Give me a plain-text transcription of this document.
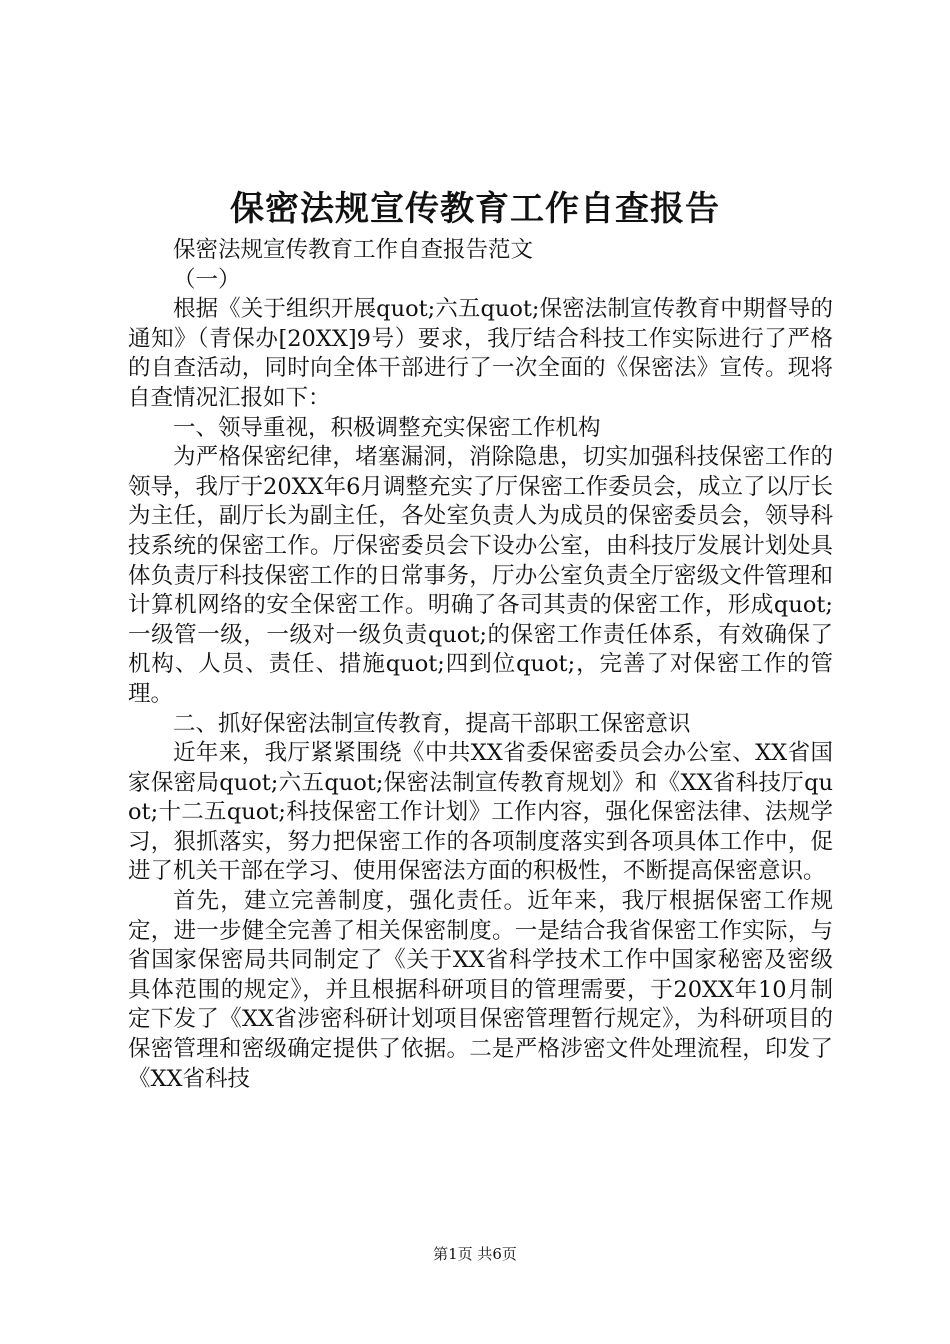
保密法规宣传教育工作自查报告

保密法规宣传教育工作自查报告范文

（一）

根据《关于组织开展quot;六五quot;保密法制宣传教育中期督导的通知》（青保办[20XX]9号）要求，我厅结合科技工作实际进行了严格的自查活动，同时向全体干部进行了一次全面的《保密法》宣传。现将自查情况汇报如下：

一、领导重视，积极调整充实保密工作机构

为严格保密纪律，堵塞漏洞，消除隐患，切实加强科技保密工作的领导，我厅于20XX年6月调整充实了厅保密工作委员会，成立了以厅长为主任，副厅长为副主任，各处室负责人为成员的保密委员会，领导科技系统的保密工作。厅保密委员会下设办公室，由科技厅发展计划处具体负责厅科技保密工作的日常事务，厅办公室负责全厅密级文件管理和计算机网络的安全保密工作。明确了各司其责的保密工作，形成quot;一级管一级，一级对一级负责quot;的保密工作责任体系，有效确保了机构、人员、责任、措施quot;四到位quot;，完善了对保密工作的管理。

二、抓好保密法制宣传教育，提高干部职工保密意识

近年来，我厅紧紧围绕《中共XX省委保密委员会办公室、XX省国家保密局quot;六五quot;保密法制宣传教育规划》和《XX省科技厅quot;十二五quot;科技保密工作计划》工作内容，强化保密法律、法规学习，狠抓落实，努力把保密工作的各项制度落实到各项具体工作中，促进了机关干部在学习、使用保密法方面的积极性，不断提高保密意识。

首先，建立完善制度，强化责任。近年来，我厅根据保密工作规定，进一步健全完善了相关保密制度。一是结合我省保密工作实际，与省国家保密局共同制定了《关于XX省科学技术工作中国家秘密及密级具体范围的规定》，并且根据科研项目的管理需要，于20XX年10月制定下发了《XX省涉密科研计划项目保密管理暂行规定》，为科研项目的保密管理和密级确定提供了依据。二是严格涉密文件处理流程，印发了《XX省科技

第1页 共6页
